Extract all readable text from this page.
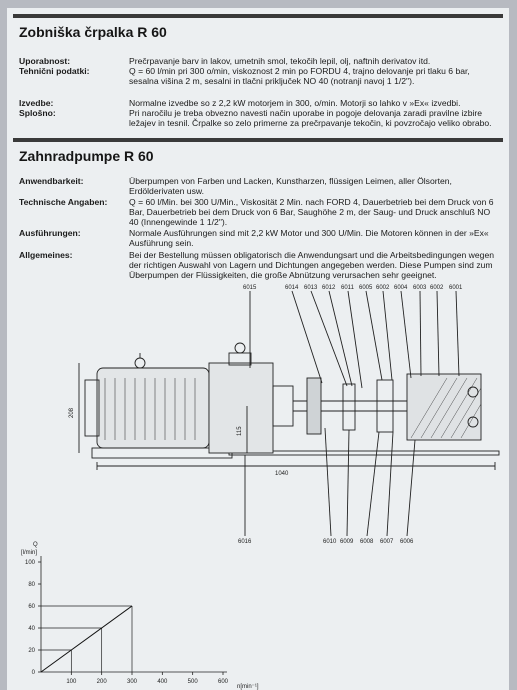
Zobniška črpalka R 60
Uporabnost:	Prečrpavanje barv in lakov, umetnih smol, tekočih lepil, olj, naftnih derivatov itd.
Tehnični podatki:	Q = 60 l/min pri 300 o/min, viskoznost 2 min po FORDU 4, trajno delovanje pri tlaku 6 bar, sesalna višina 2 m, sesalni in tlačni priključek NO 40 (notranji navoj 1 1/2").
Izvedbe:	Normalne izvedbe so z 2,2 kW motorjem in 300, o/min. Motorji so lahko v »Ex« izvedbi.
Splošno:	Pri naročilu je treba obvezno navesti način uporabe in pogoje delovanja zaradi pravilne izbire ležajev in tesnil. Črpalke so zelo primerne za prečrpavanje tekočin, ki povzročajo veliko obrabo.
Zahnradpumpe R 60
Anwendbarkeit:	Überpumpen von Farben und Lacken, Kunstharzen, flüssigen Leimen, aller Ölsorten, Erdölderivaten usw.
Technische Angaben:	Q = 60 l/Min. bei 300 U/Min., Viskosität 2 Min. nach FORD 4, Dauerbetrieb bei dem Druck von 6 Bar, Dauerbetrieb bei dem Druck von 6 Bar, Saughöhe 2 m, der Saug- und Druck anschluß NO 40 (Innengewinde 1 1/2").
Ausführungen:	Normale Ausführungen sind mit 2,2 kW Motor und 300 U/Min. Die Motoren können in der »Ex« Ausführung sein.
Allgemeines:	Bei der Bestellung müssen obligatorisch die Anwendungsart und die Arbeitsbedingungen wegen der richtigen Auswahl von Lagern und Dichtungen angegeben werden. Diese Pumpen sind zum Überpumpen der Flüssigkeiten, die große Abnützung verursachen sehr geeignet.
6015	6014 6013 6012 6011 6005 6002 6004 6003 6002 6001
6016	6010 6009 6008 6007 6006
208
115
1040
Q
[l/min]
n[min⁻¹]
100
80
60
40
20
0
100	200	300	400	500	600
